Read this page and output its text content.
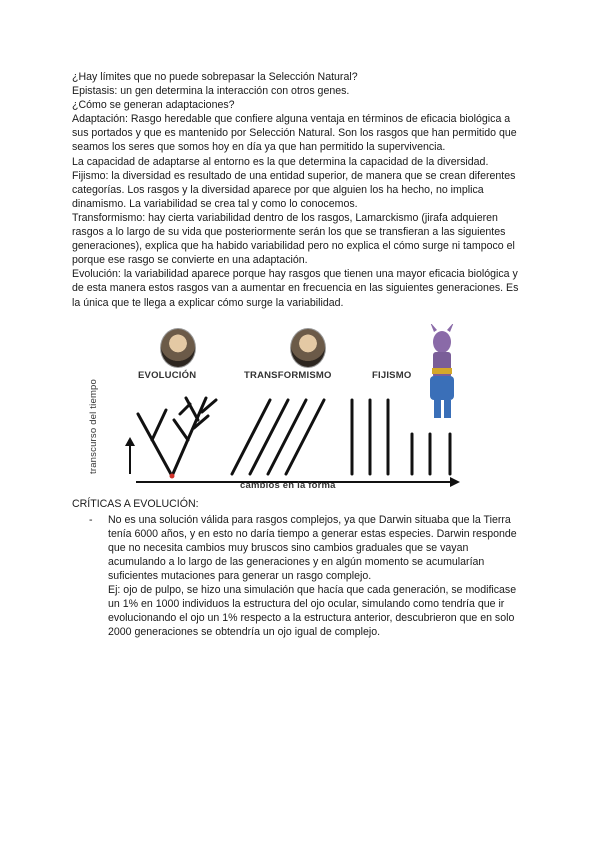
¿Hay límites que no puede sobrepasar la Selección Natural?

Epistasis: un gen determina la interacción con otros genes.

¿Cómo se generan adaptaciones?

Adaptación: Rasgo heredable que confiere alguna ventaja en términos de eficacia biológica a sus portados y que es mantenido por Selección Natural. Son los rasgos que han permitido que seamos los seres que somos hoy en día ya que han permitido la supervivencia.

La capacidad de adaptarse al entorno es la que determina la capacidad de la diversidad.

Fijismo: la diversidad es resultado de una entidad superior, de manera que se crean diferentes categorías. Los rasgos y la diversidad aparece por que alguien los ha hecho, no implica dinamismo. La variabilidad se crea tal y como lo conocemos.

Transformismo: hay cierta variabilidad dentro de los rasgos, Lamarckismo (jirafa adquieren rasgos a lo largo de su vida que posteriormente serán los que se transfieran a las siguientes generaciones), explica que ha habido variabilidad pero no explica el cómo surge ni tampoco el porque ese rasgo se convierte en una adaptación.

Evolución: la variabilidad aparece porque hay rasgos que tienen una mayor eficacia biológica y de esta manera estos rasgos van a aumentar en frecuencia en las siguientes generaciones. Es la única que te llega a explicar cómo surge la variabilidad.

EVOLUCIÓN	TRANSFORMISMO	FIJISMO
transcurso del tiempo
cambios en la forma

CRÍTICAS A EVOLUCIÓN:

- No es una solución válida para rasgos complejos, ya que Darwin situaba que la Tierra tenía 6000 años, y en esto no daría tiempo a generar estas especies. Darwin responde que no necesita cambios muy bruscos sino cambios graduales que se vayan acumulando a lo largo de las generaciones y en algún momento se acumularían suficientes mutaciones para generar un rasgo complejo.

Ej: ojo de pulpo, se hizo una simulación que hacía que cada generación, se modificase un 1% en 1000 individuos la estructura del ojo ocular, simulando como tendría que ir evolucionando el ojo un 1% respecto a la estructura anterior, descubrieron que en solo 2000 generaciones se obtendría un ojo igual de complejo.
